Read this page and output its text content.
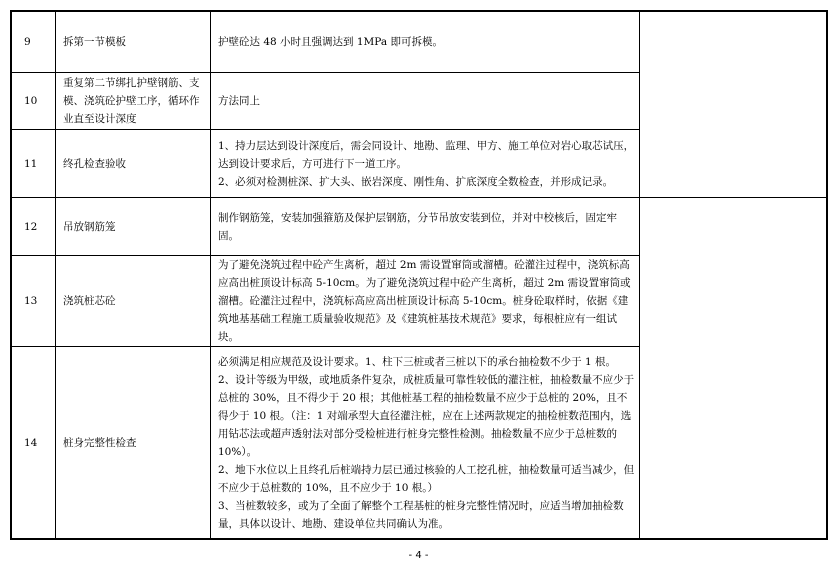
9	拆第一节模板	护壁砼达 48 小时且强调达到 1MPa 即可拆模。	

10	重复第二节绑扎护壁钢筋、支模、浇筑砼护壁工序，循环作业直至设计深度	方法同上	

11	终孔检查验收	1、持力层达到设计深度后，需会同设计、地勘、监理、甲方、施工单位对岩心取芯试压，达到设计要求后，方可进行下一道工序。

2、必须对检测桩深、扩大头、嵌岩深度、刚性角、扩底深度全数检查，并形成记录。	

12	吊放钢筋笼	制作钢筋笼，安装加强箍筋及保护层钢筋，分节吊放安装到位，并对中校核后，固定牢固。	

13	浇筑桩芯砼	为了避免浇筑过程中砼产生离析，超过 2m 需设置窜筒或溜槽。砼灌注过程中，浇筑标高应高出桩顶设计标高 5-10cm。为了避免浇筑过程中砼产生离析，超过 2m 需设置窜筒或溜槽。砼灌注过程中，浇筑标高应高出桩顶设计标高 5-10cm。桩身砼取样时，依据《建筑地基基础工程施工质量验收规范》及《建筑桩基技术规范》要求，每根桩应有一组试块。	

14	桩身完整性检查	必须满足相应规范及设计要求。1、柱下三桩或者三桩以下的承台抽检数不少于 1 根。

2、设计等级为甲级，或地质条件复杂，成桩质量可靠性较低的灌注桩，抽检数量不应少于总桩的 30%，且不得少于 20 根；其他桩基工程的抽检数量不应少于总桩的 20%，且不得少于 10 根。（注：1 对端承型大直径灌注桩，应在上述两款规定的抽检桩数范围内，选用钻芯法或超声透射法对部分受检桩进行桩身完整性检测。抽检数量不应少于总桩数的 10%）。

2、地下水位以上且终孔后桩端持力层已通过核验的人工挖孔桩，抽检数量可适当减少，但不应少于总桩数的 10%，且不应少于 10 根。）

3、当桩数较多，或为了全面了解整个工程基桩的桩身完整性情况时，应适当增加抽检数量，具体以设计、地勘、建设单位共同确认为准。	

- 4 -
